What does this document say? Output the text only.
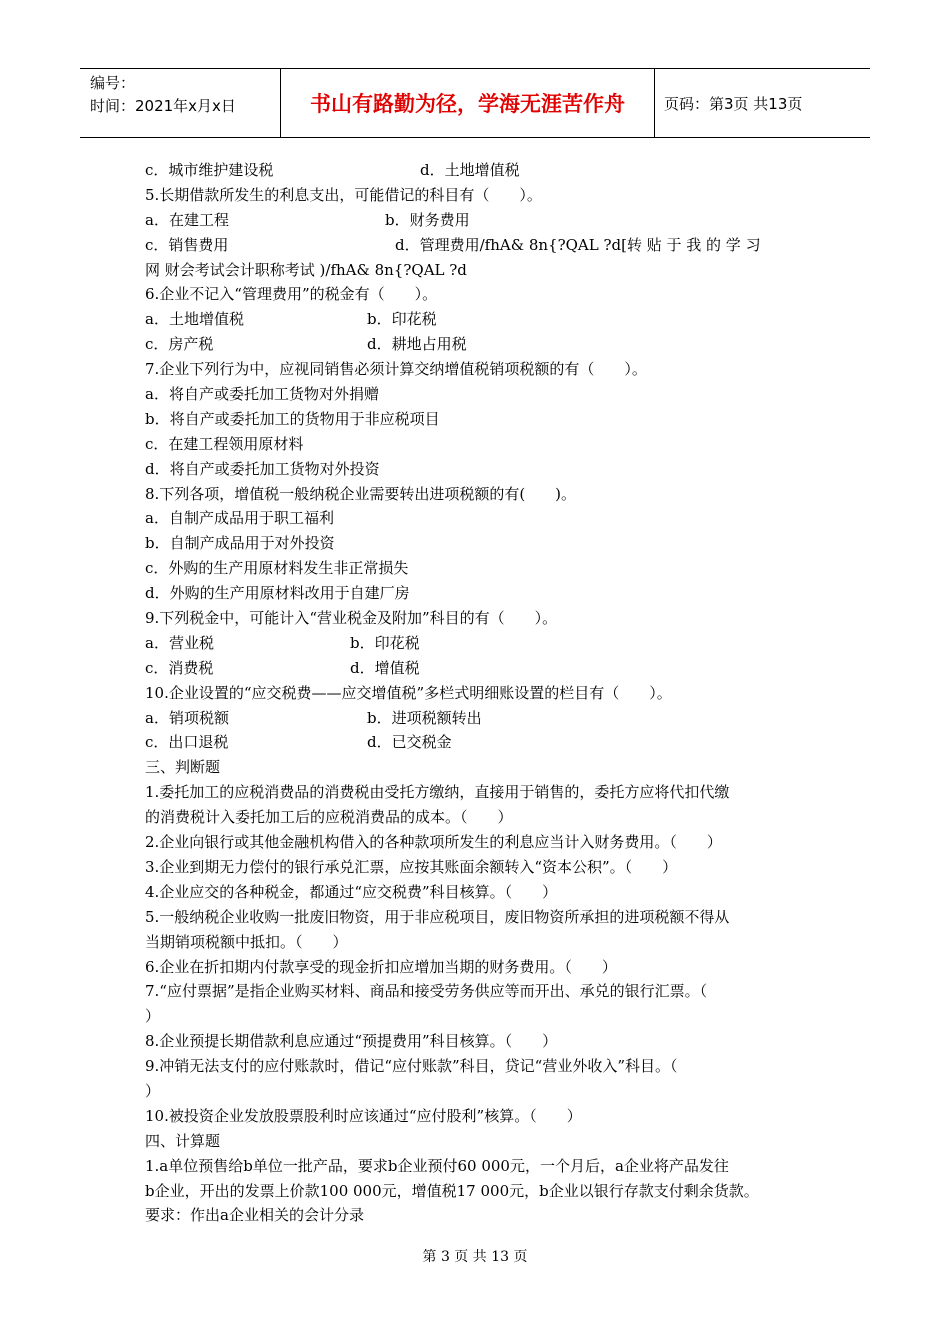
编号：
时间：2021年x月x日	书山有路勤为径，学海无涯苦作舟	页码：第3页 共13页
c．城市维护建设税	d．土地增值税
5.长期借款所发生的利息支出，可能借记的科目有（　　）。
a．在建工程	b．财务费用
c．销售费用	d．管理费用/fhA& 8n{?QAL ?d[转 贴 于 我 的 学 习
网 财会考试会计职称考试 )/fhA& 8n{?QAL ?d
6.企业不记入“管理费用”的税金有（　　）。
a．土地增值税	b．印花税
c．房产税	d．耕地占用税
7.企业下列行为中，应视同销售必须计算交纳增值税销项税额的有（　　）。
a．将自产或委托加工货物对外捐赠
b．将自产或委托加工的货物用于非应税项目
c．在建工程领用原材料
d．将自产或委托加工货物对外投资
8.下列各项，增值税一般纳税企业需要转出进项税额的有(　　)。
a．自制产成品用于职工福利
b．自制产成品用于对外投资
c．外购的生产用原材料发生非正常损失
d．外购的生产用原材料改用于自建厂房
9.下列税金中，可能计入“营业税金及附加”科目的有（　　）。
a．营业税	b．印花税
c．消费税	d．增值税
10.企业设置的“应交税费——应交增值税”多栏式明细账设置的栏目有（　　）。
a．销项税额	b．进项税额转出
c．出口退税	d．已交税金
三、判断题
1.委托加工的应税消费品的消费税由受托方缴纳，直接用于销售的，委托方应将代扣代缴
的消费税计入委托加工后的应税消费品的成本。（　　）
2.企业向银行或其他金融机构借入的各种款项所发生的利息应当计入财务费用。（　　）
3.企业到期无力偿付的银行承兑汇票，应按其账面余额转入“资本公积”。（　　）
4.企业应交的各种税金，都通过“应交税费”科目核算。（　　）
5.一般纳税企业收购一批废旧物资，用于非应税项目，废旧物资所承担的进项税额不得从
当期销项税额中抵扣。（　　）
6.企业在折扣期内付款享受的现金折扣应增加当期的财务费用。（　　）
7.“应付票据”是指企业购买材料、商品和接受劳务供应等而开出、承兑的银行汇票。（
）
8.企业预提长期借款利息应通过“预提费用”科目核算。（　　）
9.冲销无法支付的应付账款时，借记“应付账款”科目，贷记“营业外收入”科目。（
）
10.被投资企业发放股票股利时应该通过“应付股利”核算。（　　）
四、计算题
1.a单位预售给b单位一批产品，要求b企业预付60 000元，一个月后，a企业将产品发往
b企业，开出的发票上价款100 000元，增值税17 000元，b企业以银行存款支付剩余货款。
要求：作出a企业相关的会计分录
第 3 页 共 13 页
